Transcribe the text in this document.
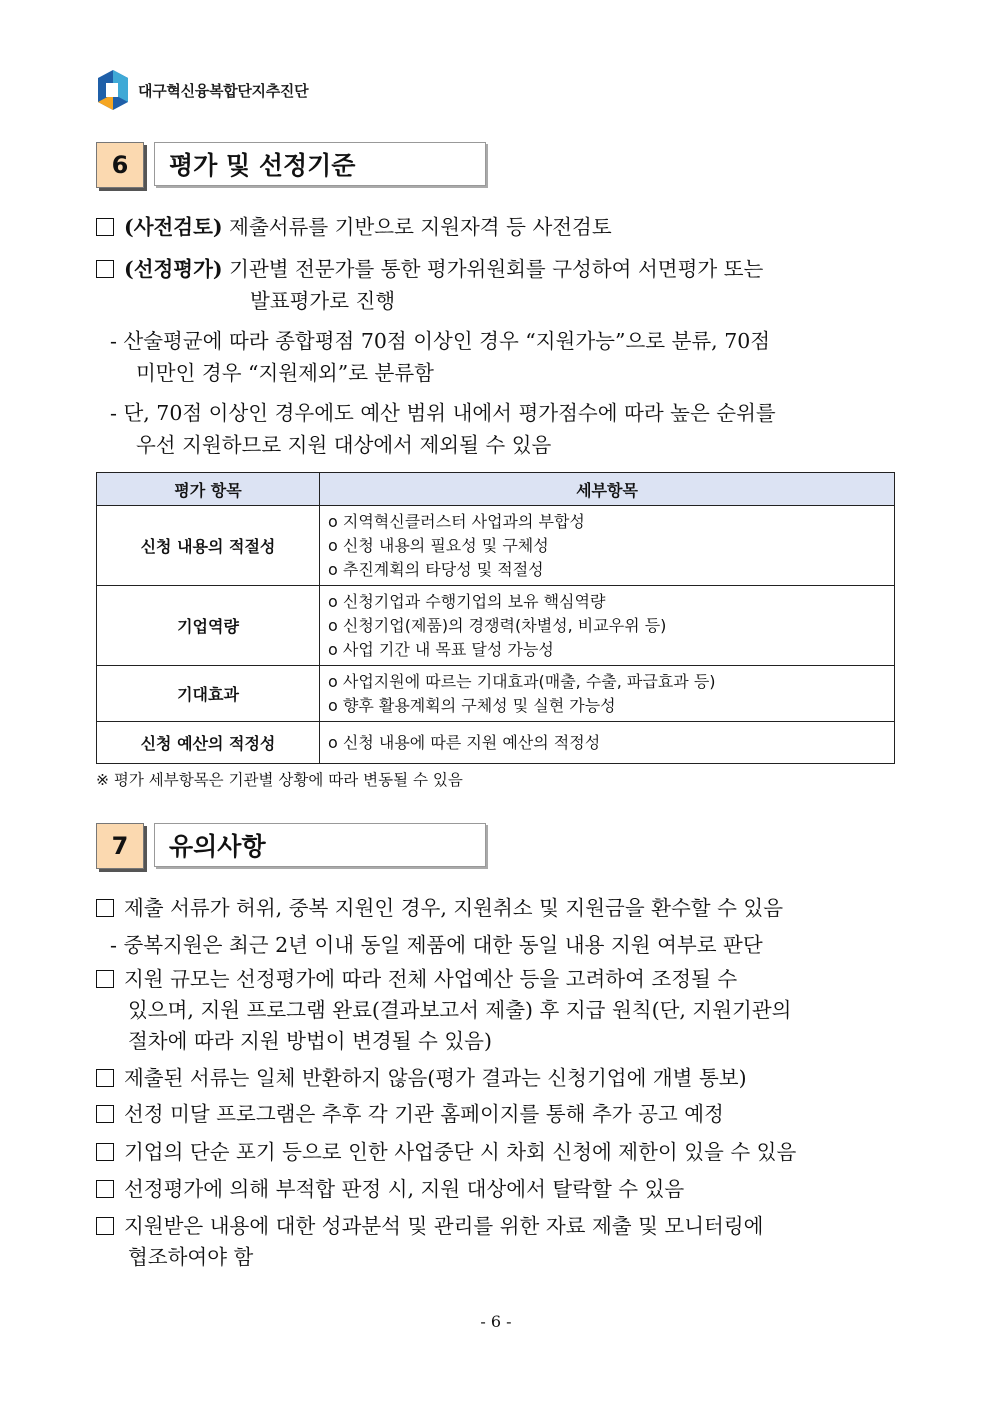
대구혁신융복합단지추진단
6	평가 및 선정기준
(사전검토) 제출서류를 기반으로 지원자격 등 사전검토
(선정평가) 기관별 전문가를 통한 평가위원회를 구성하여 서면평가 또는
발표평가로 진행
- 산술평균에 따라 종합평점 70점 이상인 경우 “지원가능”으로 분류, 70점
미만인 경우 “지원제외”로 분류함
- 단, 70점 이상인 경우에도 예산 범위 내에서 평가점수에 따라 높은 순위를
우선 지원하므로 지원 대상에서 제외될 수 있음
평가 항목	세부항목
신청 내용의 적절성	o 지역혁신클러스터 사업과의 부합성
o 신청 내용의 필요성 및 구체성
o 추진계획의 타당성 및 적절성

기업역량	o 신청기업과 수행기업의 보유 핵심역량
o 신청기업(제품)의 경쟁력(차별성, 비교우위 등)
o 사업 기간 내 목표 달성 가능성

기대효과	o 사업지원에 따르는 기대효과(매출, 수출, 파급효과 등)
o 향후 활용계획의 구체성 및 실현 가능성

신청 예산의 적정성	o 신청 내용에 따른 지원 예산의 적정성
※ 평가 세부항목은 기관별 상황에 따라 변동될 수 있음
7	유의사항
제출 서류가 허위, 중복 지원인 경우, 지원취소 및 지원금을 환수할 수 있음
- 중복지원은 최근 2년 이내 동일 제품에 대한 동일 내용 지원 여부로 판단
지원 규모는 선정평가에 따라 전체 사업예산 등을 고려하여 조정될 수
있으며, 지원 프로그램 완료(결과보고서 제출) 후 지급 원칙(단, 지원기관의
절차에 따라 지원 방법이 변경될 수 있음)
제출된 서류는 일체 반환하지 않음(평가 결과는 신청기업에 개별 통보)
선정 미달 프로그램은 추후 각 기관 홈페이지를 통해 추가 공고 예정
기업의 단순 포기 등으로 인한 사업중단 시 차회 신청에 제한이 있을 수 있음
선정평가에 의해 부적합 판정 시, 지원 대상에서 탈락할 수 있음
지원받은 내용에 대한 성과분석 및 관리를 위한 자료 제출 및 모니터링에
협조하여야 함
- 6 -
